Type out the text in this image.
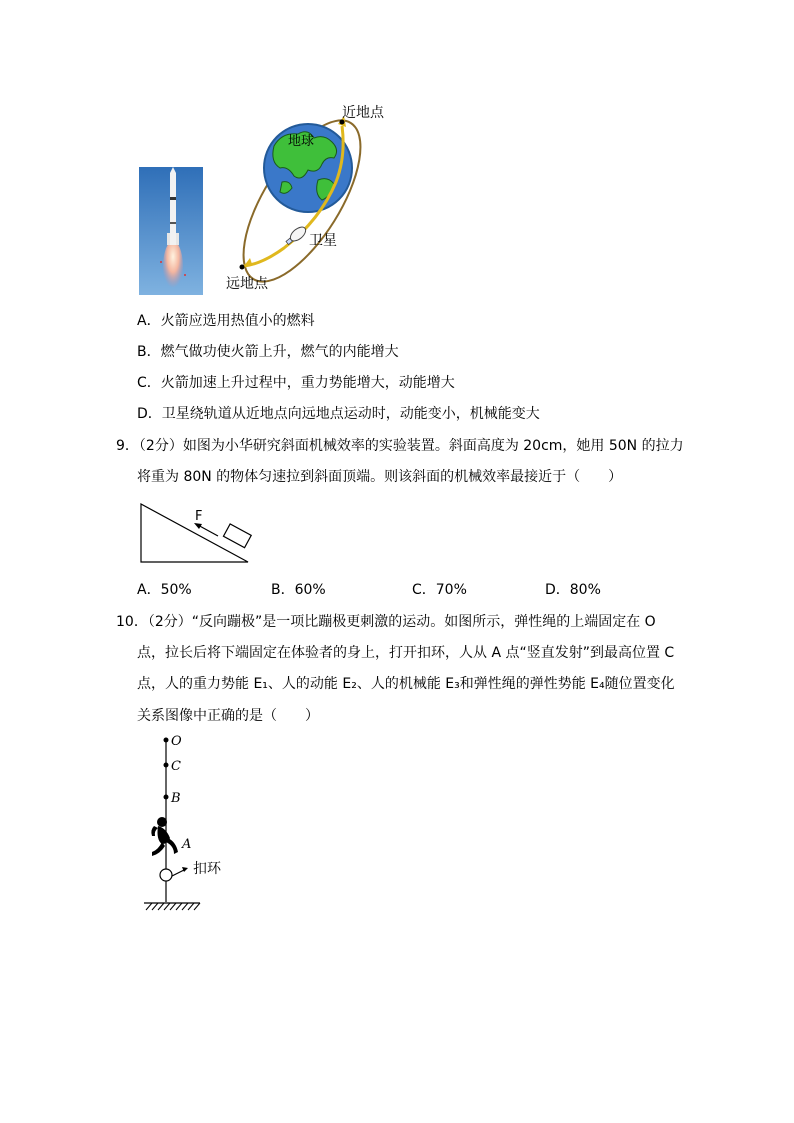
地球
近地点
卫星
远地点
A．火箭应选用热值小的燃料
B．燃气做功使火箭上升，燃气的内能增大
C．火箭加速上升过程中，重力势能增大，动能增大
D．卫星绕轨道从近地点向远地点运动时，动能变小，机械能变大
9．（2分）如图为小华研究斜面机械效率的实验装置。斜面高度为 20cm，她用 50N 的拉力
将重为 80N 的物体匀速拉到斜面顶端。则该斜面的机械效率最接近于（　　）
F
A．50%	B．60%	C．70%	D．80%
10．（2分）“反向蹦极”是一项比蹦极更刺激的运动。如图所示，弹性绳的上端固定在 O
点，拉长后将下端固定在体验者的身上，打开扣环，人从 A 点“竖直发射”到最高位置 C
点，人的重力势能 E₁、人的动能 E₂、人的机械能 E₃和弹性绳的弹性势能 E₄随位置变化
关系图像中正确的是（　　）
O
C
B
A
扣环
